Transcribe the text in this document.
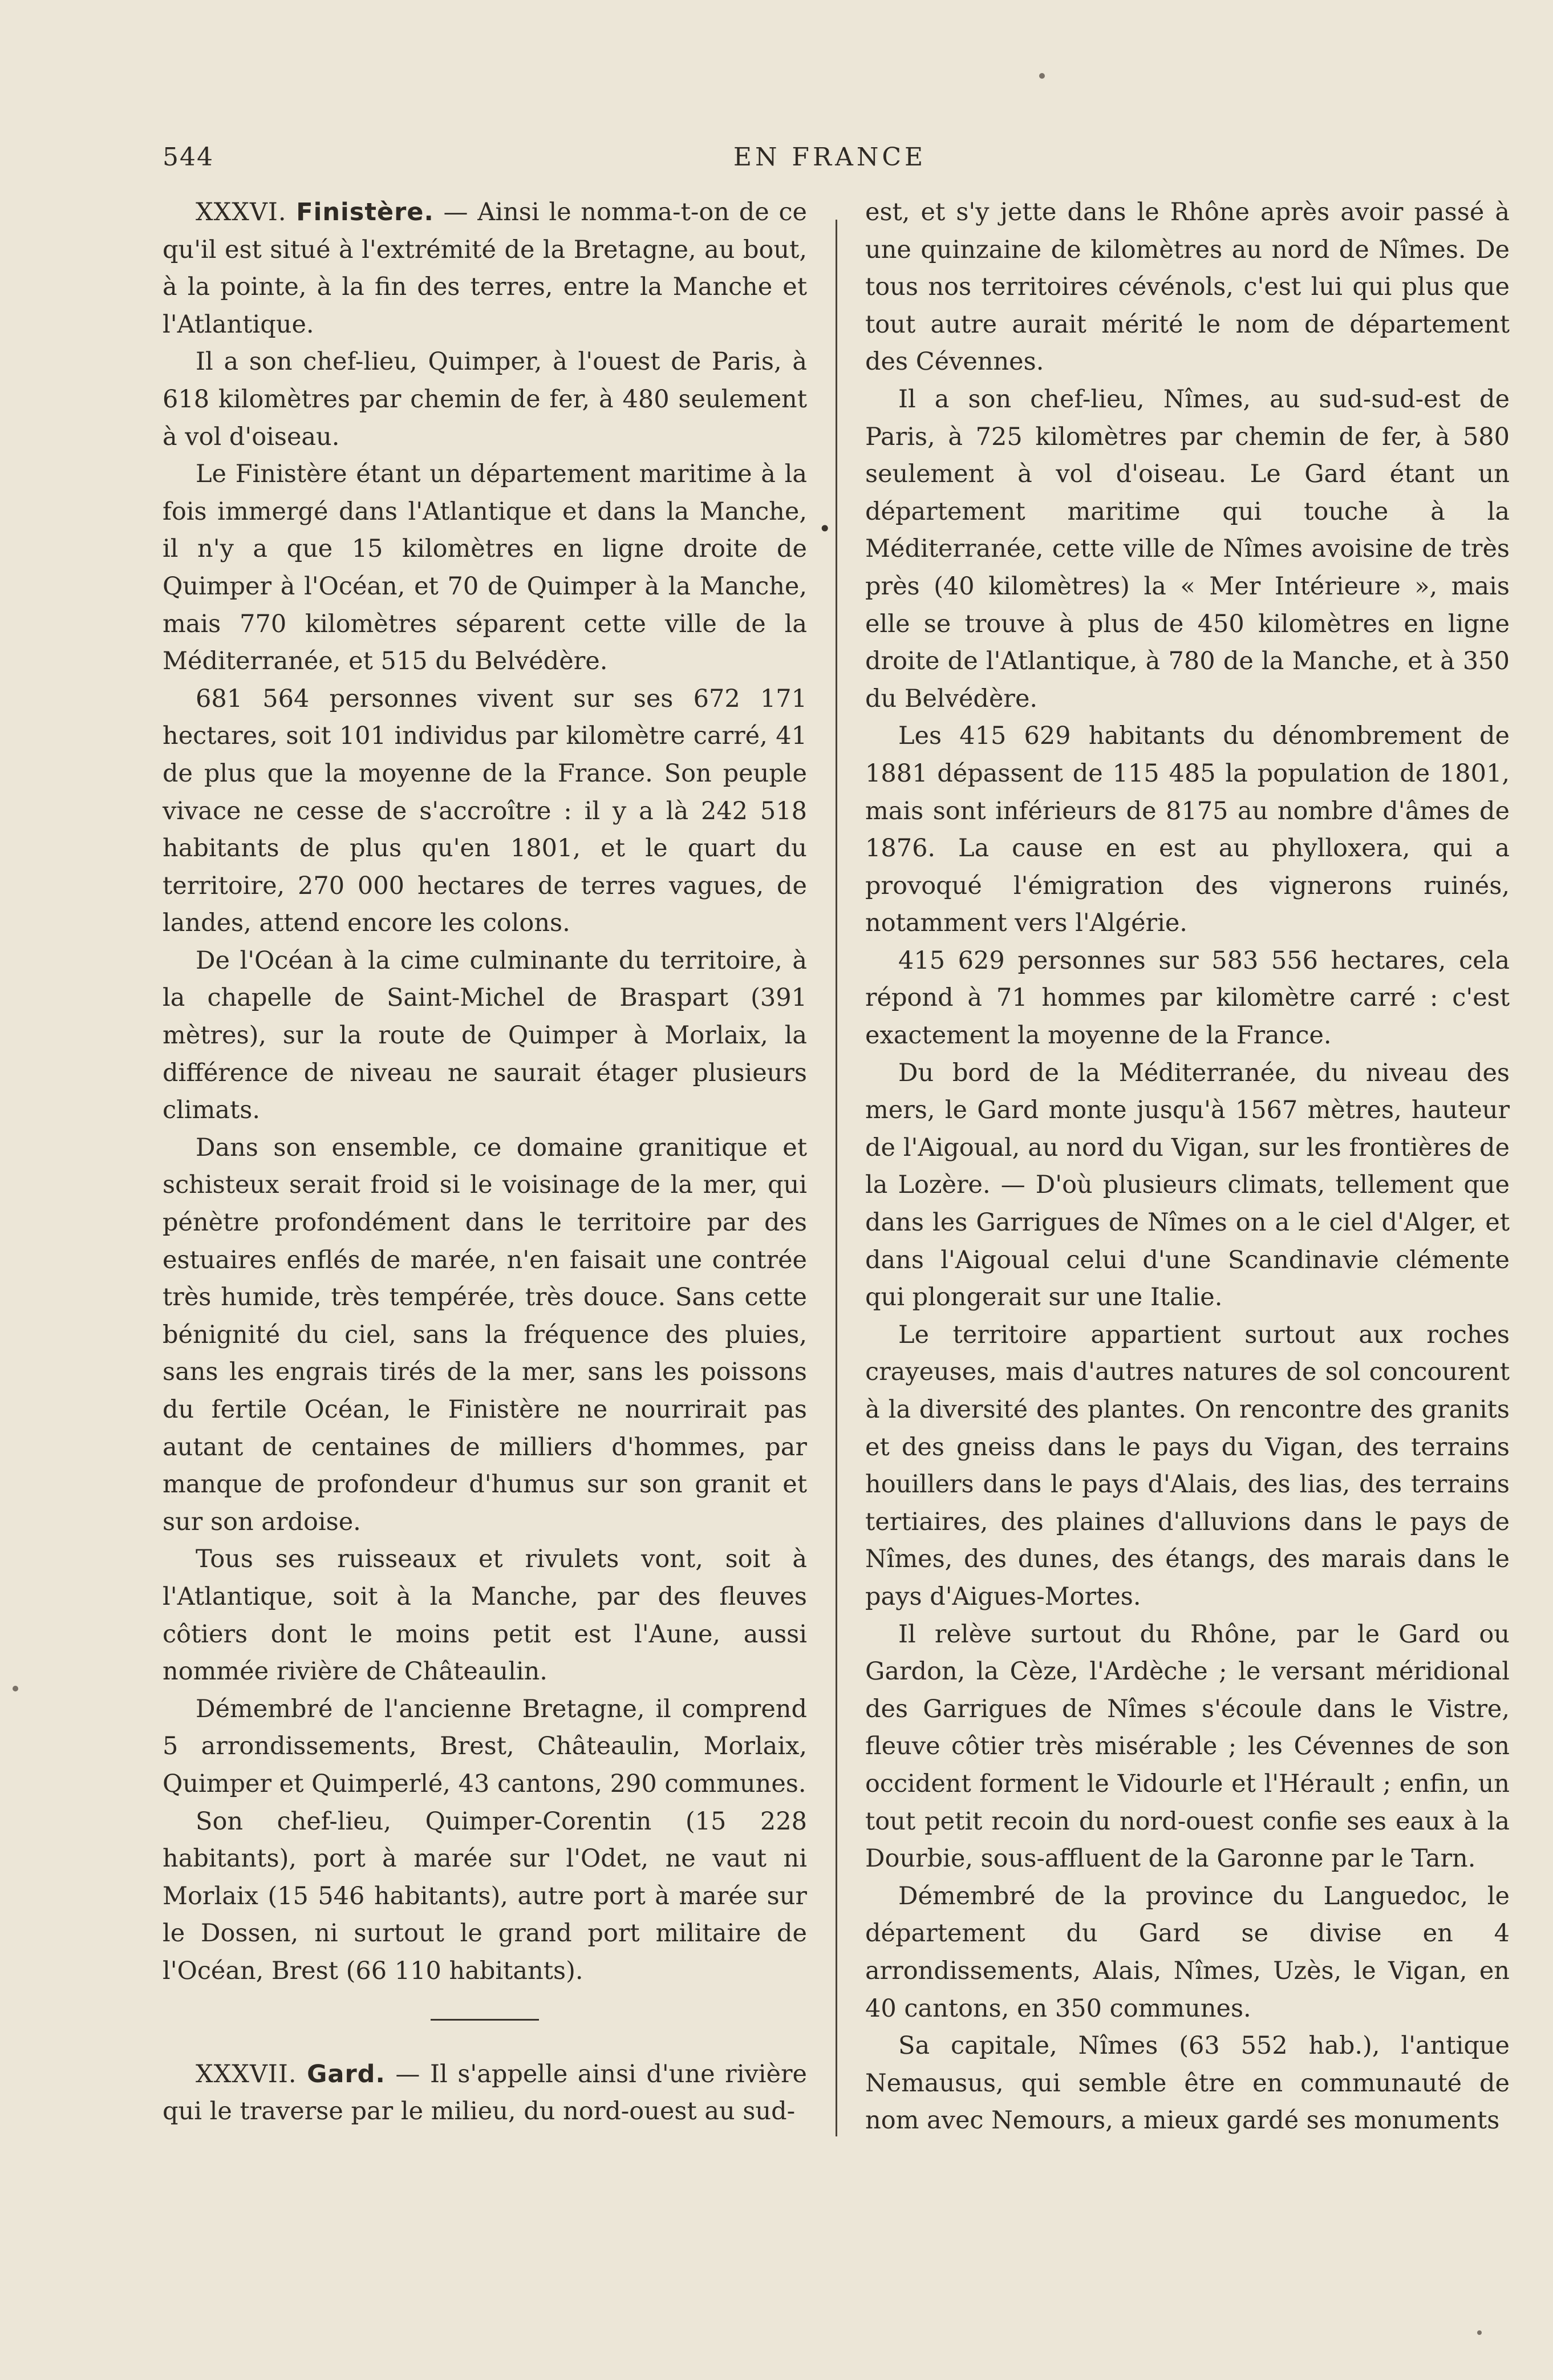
544	EN FRANCE

XXXVI. Finistère. — Ainsi le nomma-t-on de ce qu'il est situé à l'extrémité de la Bretagne, au bout, à la pointe, à la fin des terres, entre la Manche et l'Atlantique.

Il a son chef-lieu, Quimper, à l'ouest de Paris, à 618 kilomètres par chemin de fer, à 480 seulement à vol d'oiseau.

Le Finistère étant un département maritime à la fois immergé dans l'Atlantique et dans la Manche, il n'y a que 15 kilomètres en ligne droite de Quimper à l'Océan, et 70 de Quimper à la Manche, mais 770 kilomètres séparent cette ville de la Méditerranée, et 515 du Belvédère.

681 564 personnes vivent sur ses 672 171 hectares, soit 101 individus par kilomètre carré, 41 de plus que la moyenne de la France. Son peuple vivace ne cesse de s'accroître : il y a là 242 518 habitants de plus qu'en 1801, et le quart du territoire, 270 000 hectares de terres vagues, de landes, attend encore les colons.

De l'Océan à la cime culminante du territoire, à la chapelle de Saint-Michel de Braspart (391 mètres), sur la route de Quimper à Morlaix, la différence de niveau ne saurait étager plusieurs climats.

Dans son ensemble, ce domaine granitique et schisteux serait froid si le voisinage de la mer, qui pénètre profondément dans le territoire par des estuaires enflés de marée, n'en faisait une contrée très humide, très tempérée, très douce. Sans cette bénignité du ciel, sans la fréquence des pluies, sans les engrais tirés de la mer, sans les poissons du fertile Océan, le Finistère ne nourrirait pas autant de centaines de milliers d'hommes, par manque de profondeur d'humus sur son granit et sur son ardoise.

Tous ses ruisseaux et rivulets vont, soit à l'Atlantique, soit à la Manche, par des fleuves côtiers dont le moins petit est l'Aune, aussi nommée rivière de Châteaulin.

Démembré de l'ancienne Bretagne, il comprend 5 arrondissements, Brest, Châteaulin, Morlaix, Quimper et Quimperlé, 43 cantons, 290 communes.

Son chef-lieu, Quimper-Corentin (15 228 habitants), port à marée sur l'Odet, ne vaut ni Morlaix (15 546 habitants), autre port à marée sur le Dossen, ni surtout le grand port militaire de l'Océan, Brest (66 110 habitants).

XXXVII. Gard. — Il s'appelle ainsi d'une rivière qui le traverse par le milieu, du nord-ouest au sud-

•

est, et s'y jette dans le Rhône après avoir passé à une quinzaine de kilomètres au nord de Nîmes. De tous nos territoires cévénols, c'est lui qui plus que tout autre aurait mérité le nom de département des Cévennes.

Il a son chef-lieu, Nîmes, au sud-sud-est de Paris, à 725 kilomètres par chemin de fer, à 580 seulement à vol d'oiseau. Le Gard étant un département maritime qui touche à la Méditerranée, cette ville de Nîmes avoisine de très près (40 kilomètres) la « Mer Intérieure », mais elle se trouve à plus de 450 kilomètres en ligne droite de l'Atlantique, à 780 de la Manche, et à 350 du Belvédère.

Les 415 629 habitants du dénombrement de 1881 dépassent de 115 485 la population de 1801, mais sont inférieurs de 8175 au nombre d'âmes de 1876. La cause en est au phylloxera, qui a provoqué l'émigration des vignerons ruinés, notamment vers l'Algérie.

415 629 personnes sur 583 556 hectares, cela répond à 71 hommes par kilomètre carré : c'est exactement la moyenne de la France.

Du bord de la Méditerranée, du niveau des mers, le Gard monte jusqu'à 1567 mètres, hauteur de l'Aigoual, au nord du Vigan, sur les frontières de la Lozère. — D'où plusieurs climats, tellement que dans les Garrigues de Nîmes on a le ciel d'Alger, et dans l'Aigoual celui d'une Scandinavie clémente qui plongerait sur une Italie.

Le territoire appartient surtout aux roches crayeuses, mais d'autres natures de sol concourent à la diversité des plantes. On rencontre des granits et des gneiss dans le pays du Vigan, des terrains houillers dans le pays d'Alais, des lias, des terrains tertiaires, des plaines d'alluvions dans le pays de Nîmes, des dunes, des étangs, des marais dans le pays d'Aigues-Mortes.

Il relève surtout du Rhône, par le Gard ou Gardon, la Cèze, l'Ardèche ; le versant méridional des Garrigues de Nîmes s'écoule dans le Vistre, fleuve côtier très misérable ; les Cévennes de son occident forment le Vidourle et l'Hérault ; enfin, un tout petit recoin du nord-ouest confie ses eaux à la Dourbie, sous-affluent de la Garonne par le Tarn.

Démembré de la province du Languedoc, le département du Gard se divise en 4 arrondissements, Alais, Nîmes, Uzès, le Vigan, en 40 cantons, en 350 communes.

Sa capitale, Nîmes (63 552 hab.), l'antique Nemausus, qui semble être en communauté de nom avec Nemours, a mieux gardé ses monuments
